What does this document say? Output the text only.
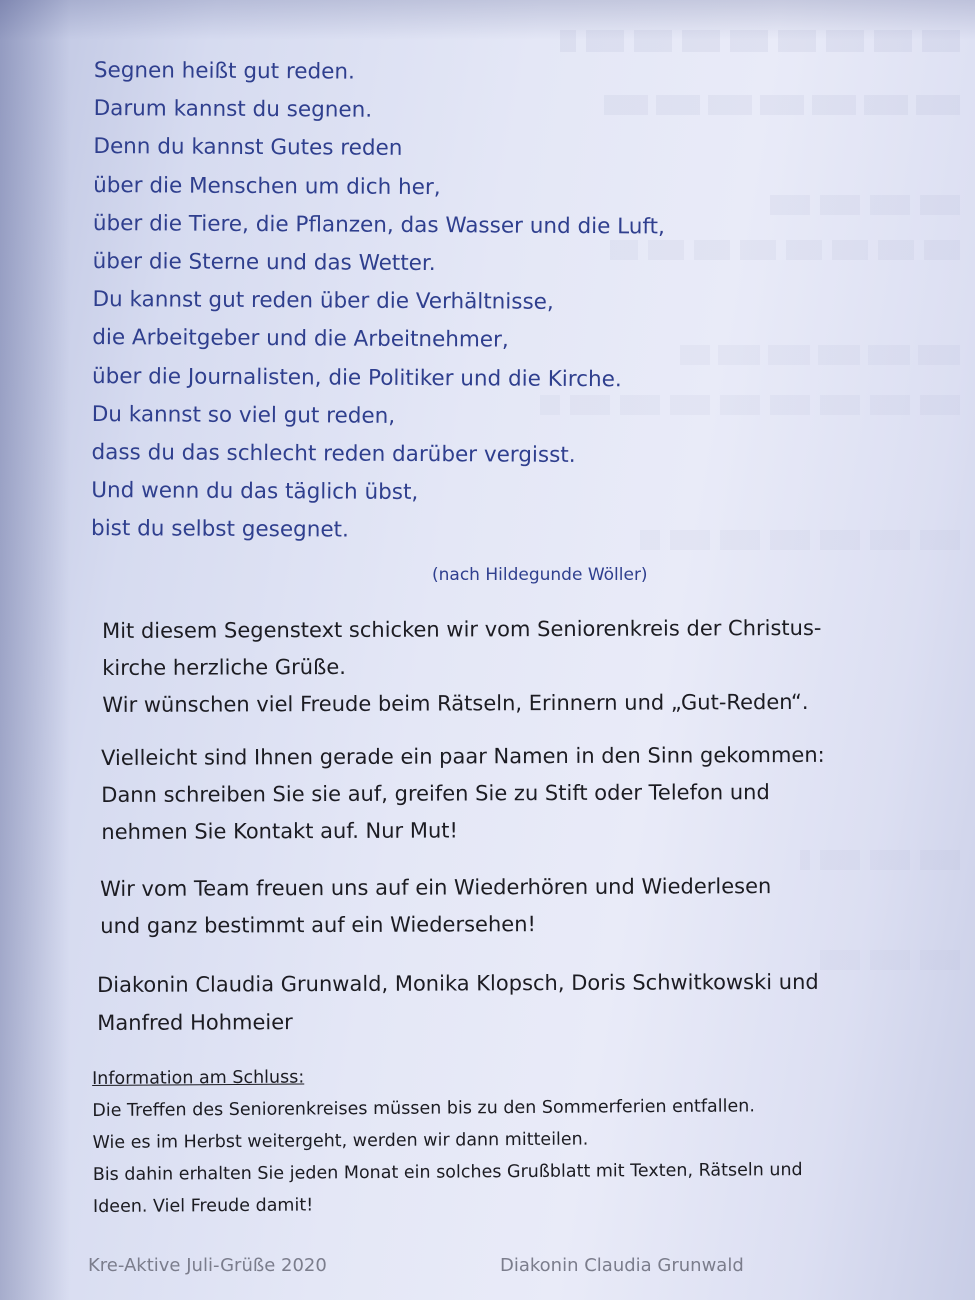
Segnen heißt gut reden.
Darum kannst du segnen.
Denn du kannst Gutes reden
über die Menschen um dich her,
über die Tiere, die Pflanzen, das Wasser und die Luft,
über die Sterne und das Wetter.
Du kannst gut reden über die Verhältnisse,
die Arbeitgeber und die Arbeitnehmer,
über die Journalisten, die Politiker und die Kirche.
Du kannst so viel gut reden,
dass du das schlecht reden darüber vergisst.
Und wenn du das täglich übst,
bist du selbst gesegnet.
(nach Hildegunde Wöller)
Mit diesem Segenstext schicken wir vom Seniorenkreis der Christus-
kirche herzliche Grüße.
Wir wünschen viel Freude beim Rätseln, Erinnern und „Gut-Reden“.
Vielleicht sind Ihnen gerade ein paar Namen in den Sinn gekommen:
Dann schreiben Sie sie auf, greifen Sie zu Stift oder Telefon und
nehmen Sie Kontakt auf. Nur Mut!
Wir vom Team freuen uns auf ein Wiederhören und Wiederlesen
und ganz bestimmt auf ein Wiedersehen!
Diakonin Claudia Grunwald, Monika Klopsch, Doris Schwitkowski und
Manfred Hohmeier
Information am Schluss:
Die Treffen des Seniorenkreises müssen bis zu den Sommerferien entfallen.
Wie es im Herbst weitergeht, werden wir dann mitteilen.
Bis dahin erhalten Sie jeden Monat ein solches Grußblatt mit Texten, Rätseln und
Ideen. Viel Freude damit!
Kre-Aktive Juli-Grüße 2020	Diakonin Claudia Grunwald
